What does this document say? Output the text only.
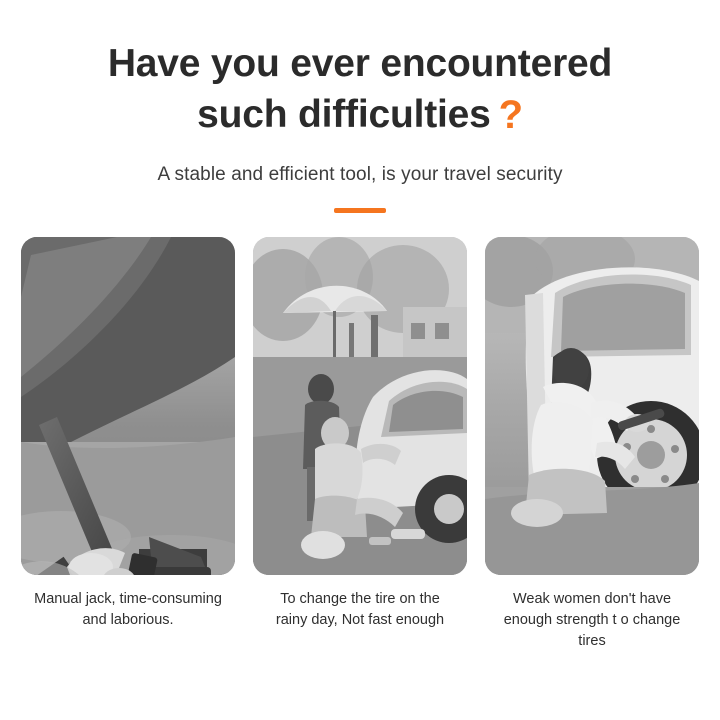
Have you ever encountered
such difficulties ?

A stable and efficient tool, is your travel security

Manual jack, time-consuming and laborious.
To change the tire on the rainy day, Not fast enough
Weak women don't have enough strength t o change tires
